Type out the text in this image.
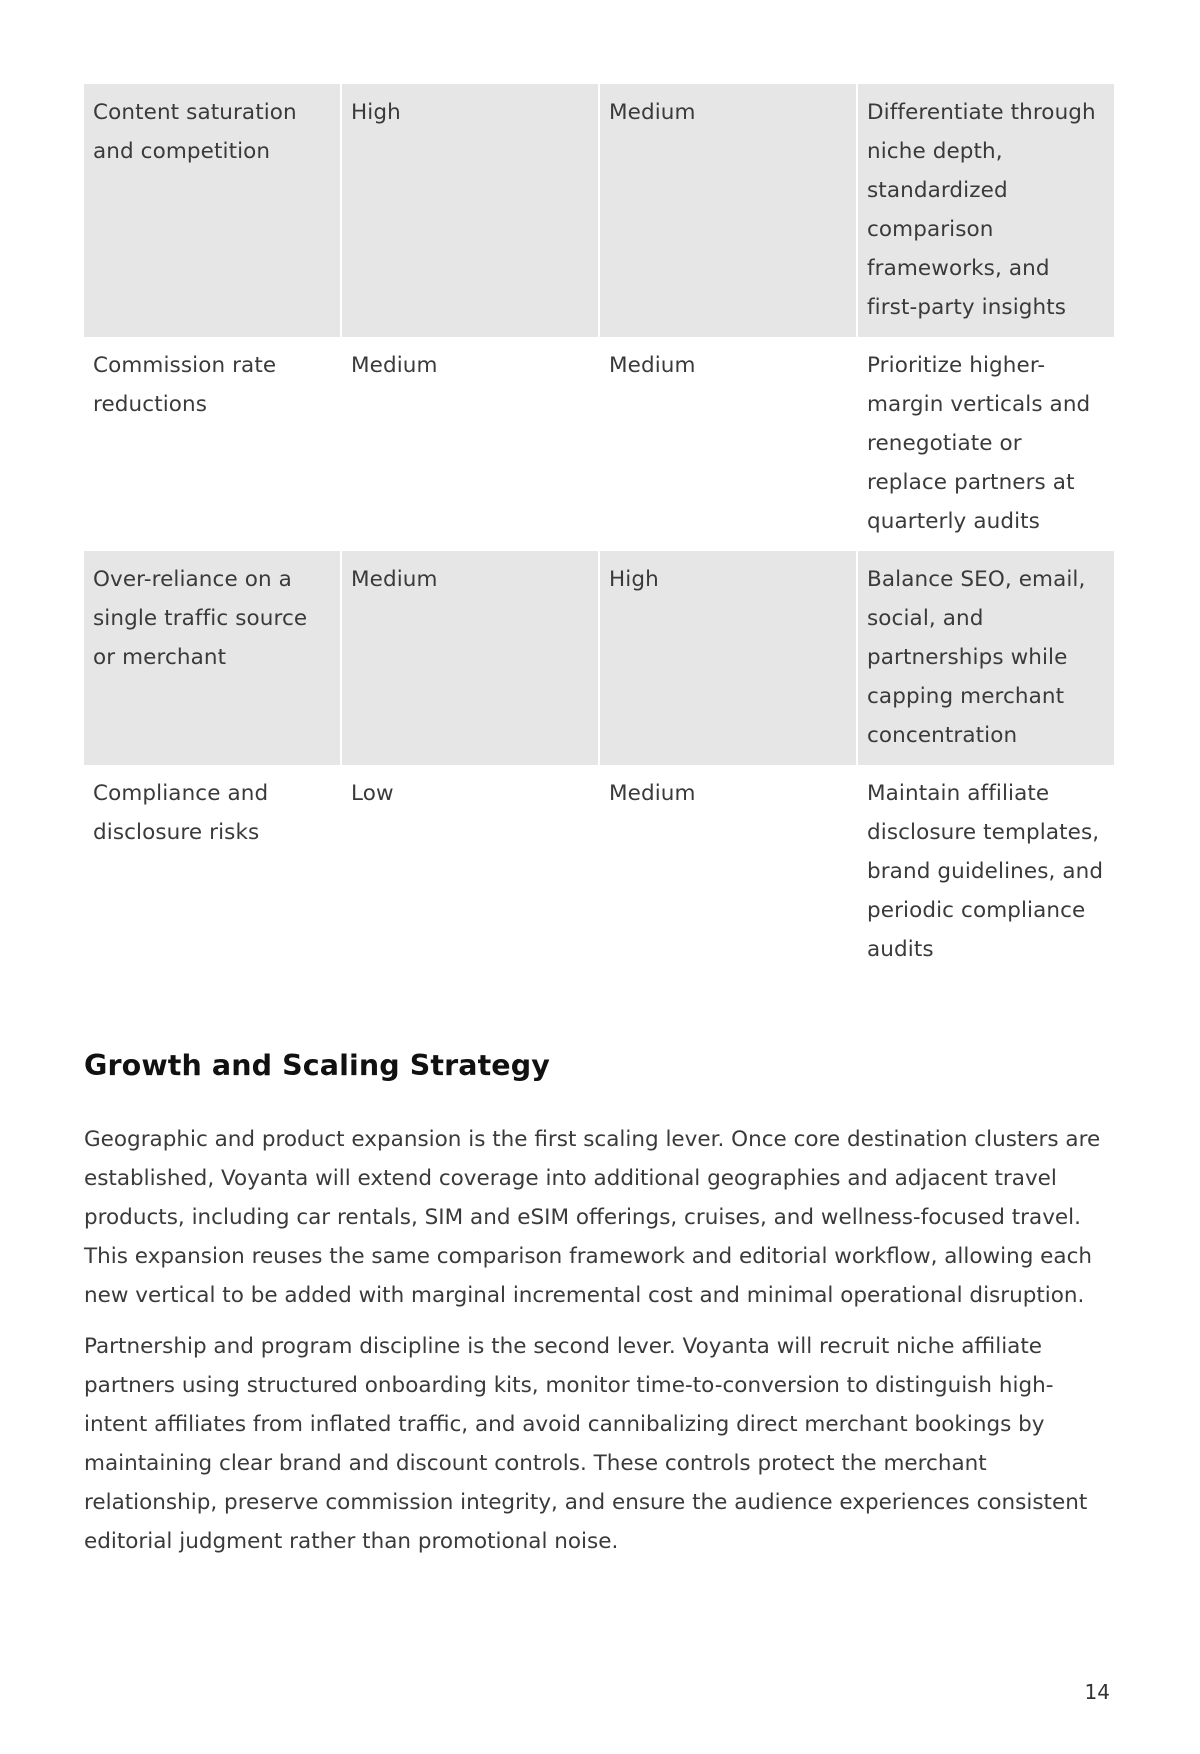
Content saturation and competition	High	Medium	Differentiate through niche depth, standardized comparison frameworks, and first-party insights
Commission rate reductions	Medium	Medium	Prioritize higher-margin verticals and renegotiate or replace partners at quarterly audits
Over-reliance on a single traffic source or merchant	Medium	High	Balance SEO, email, social, and partnerships while capping merchant concentration
Compliance and disclosure risks	Low	Medium	Maintain affiliate disclosure templates, brand guidelines, and periodic compliance audits
Growth and Scaling Strategy

Geographic and product expansion is the first scaling lever. Once core destination clusters are established, Voyanta will extend coverage into additional geographies and adjacent travel products, including car rentals, SIM and eSIM offerings, cruises, and wellness-focused travel. This expansion reuses the same comparison framework and editorial workflow, allowing each new vertical to be added with marginal incremental cost and minimal operational disruption.

Partnership and program discipline is the second lever. Voyanta will recruit niche affiliate partners using structured onboarding kits, monitor time-to-conversion to distinguish high-intent affiliates from inflated traffic, and avoid cannibalizing direct merchant bookings by maintaining clear brand and discount controls. These controls protect the merchant relationship, preserve commission integrity, and ensure the audience experiences consistent editorial judgment rather than promotional noise.

14
